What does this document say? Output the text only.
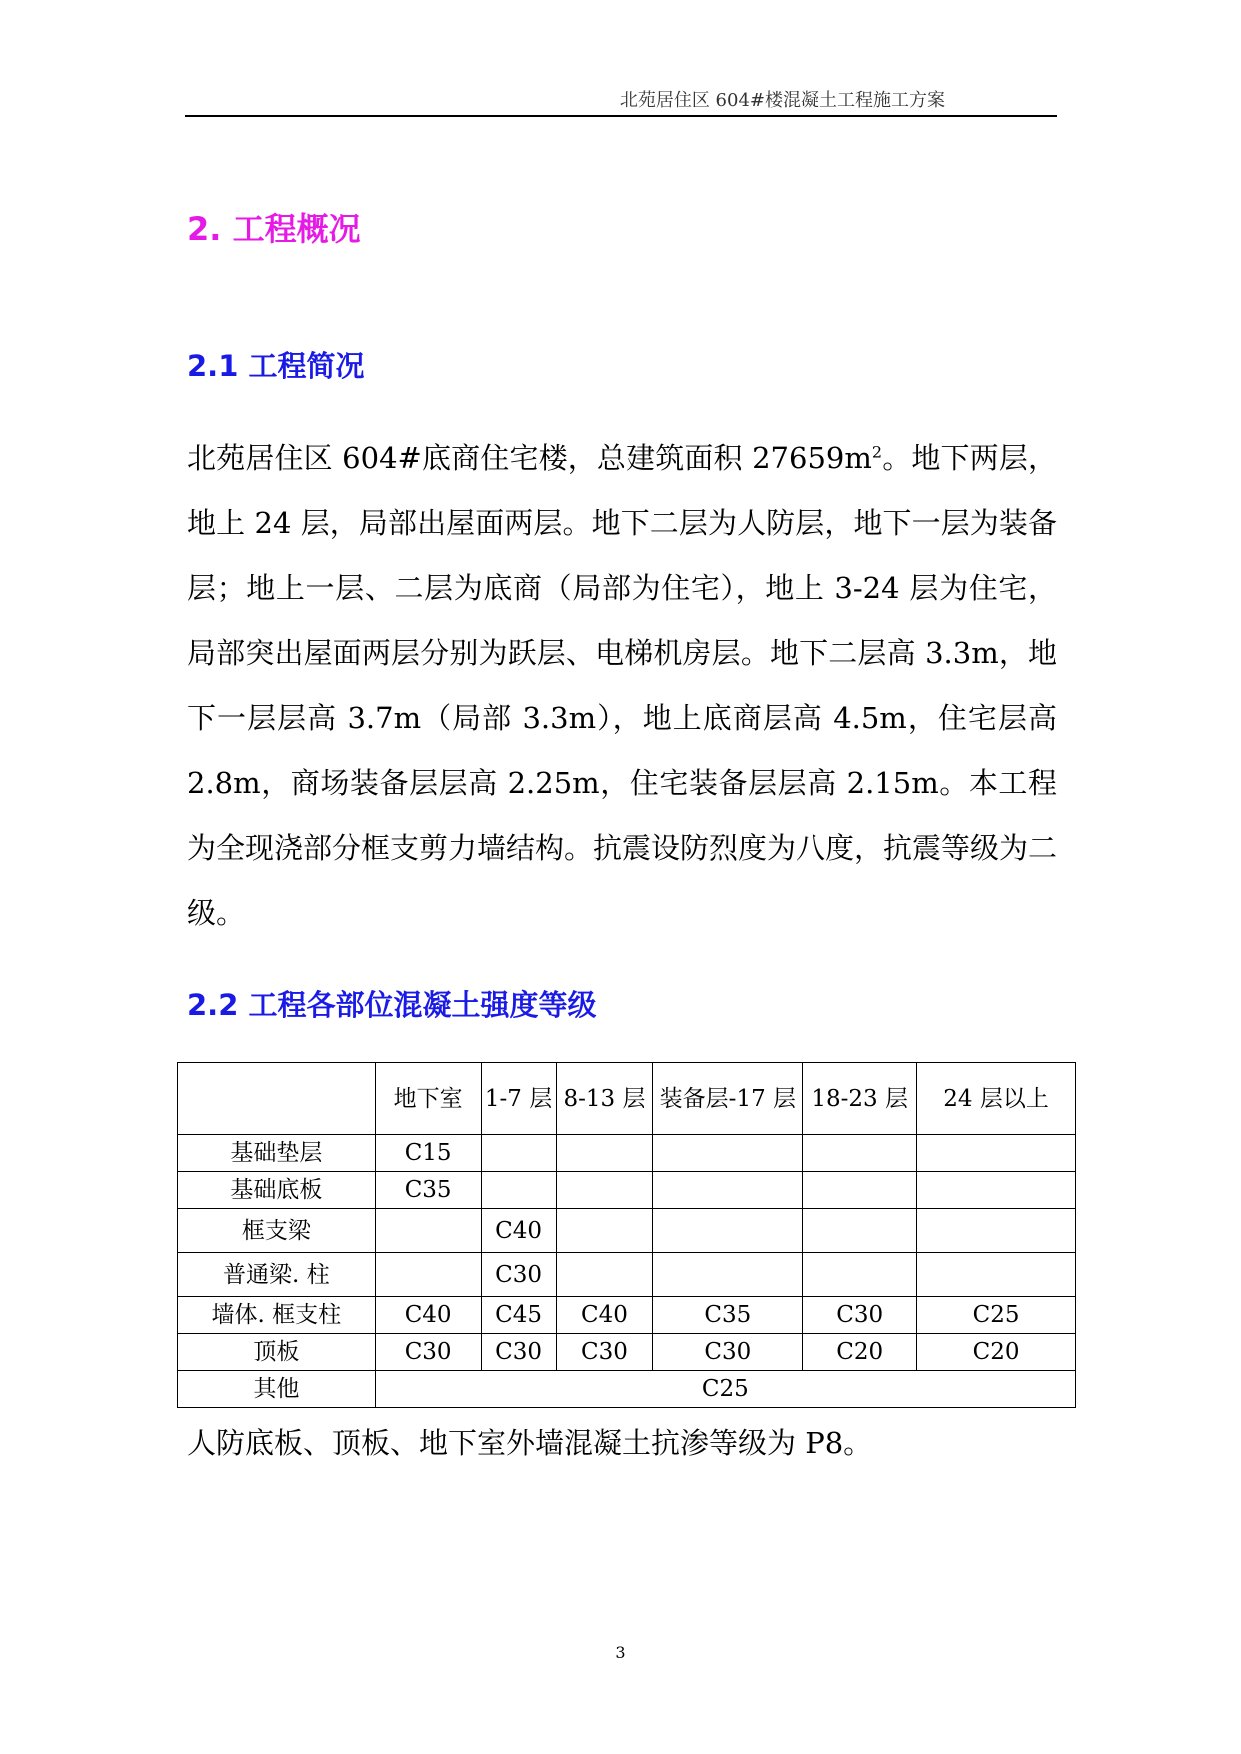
北苑居住区 604#楼混凝土工程施工方案
2. 工程概况
2.1 工程简况

北苑居住区 604#底商住宅楼，总建筑面积 $27659m^2$。地下两层，地上 24 层，局部出屋面两层。地下二层为人防层，地下一层为装备层；地上一层、二层为底商（局部为住宅），地上 3-24 层为住宅，局部突出屋面两层分别为跃层、电梯机房层。地下二层高 3.3m，地下一层层高 3.7m（局部 3.3m），地上底商层高 4.5m，住宅层高 2.8m，商场装备层层高 2.25m，住宅装备层层高 2.15m。本工程为全现浇部分框支剪力墙结构。抗震设防烈度为八度，抗震等级为二级。

2.2 工程各部位混凝土强度等级
	地下室	1-7 层	8-13 层	装备层-17 层	18-23 层	24 层以上
基础垫层	C15					
基础底板	C35					
框支梁		C40				
普通梁. 柱		C30				
墙体. 框支柱	C40	C45	C40	C35	C30	C25
顶板	C30	C30	C30	C30	C20	C20
其他	C25					
人防底板、顶板、地下室外墙混凝土抗渗等级为 P8。
3
